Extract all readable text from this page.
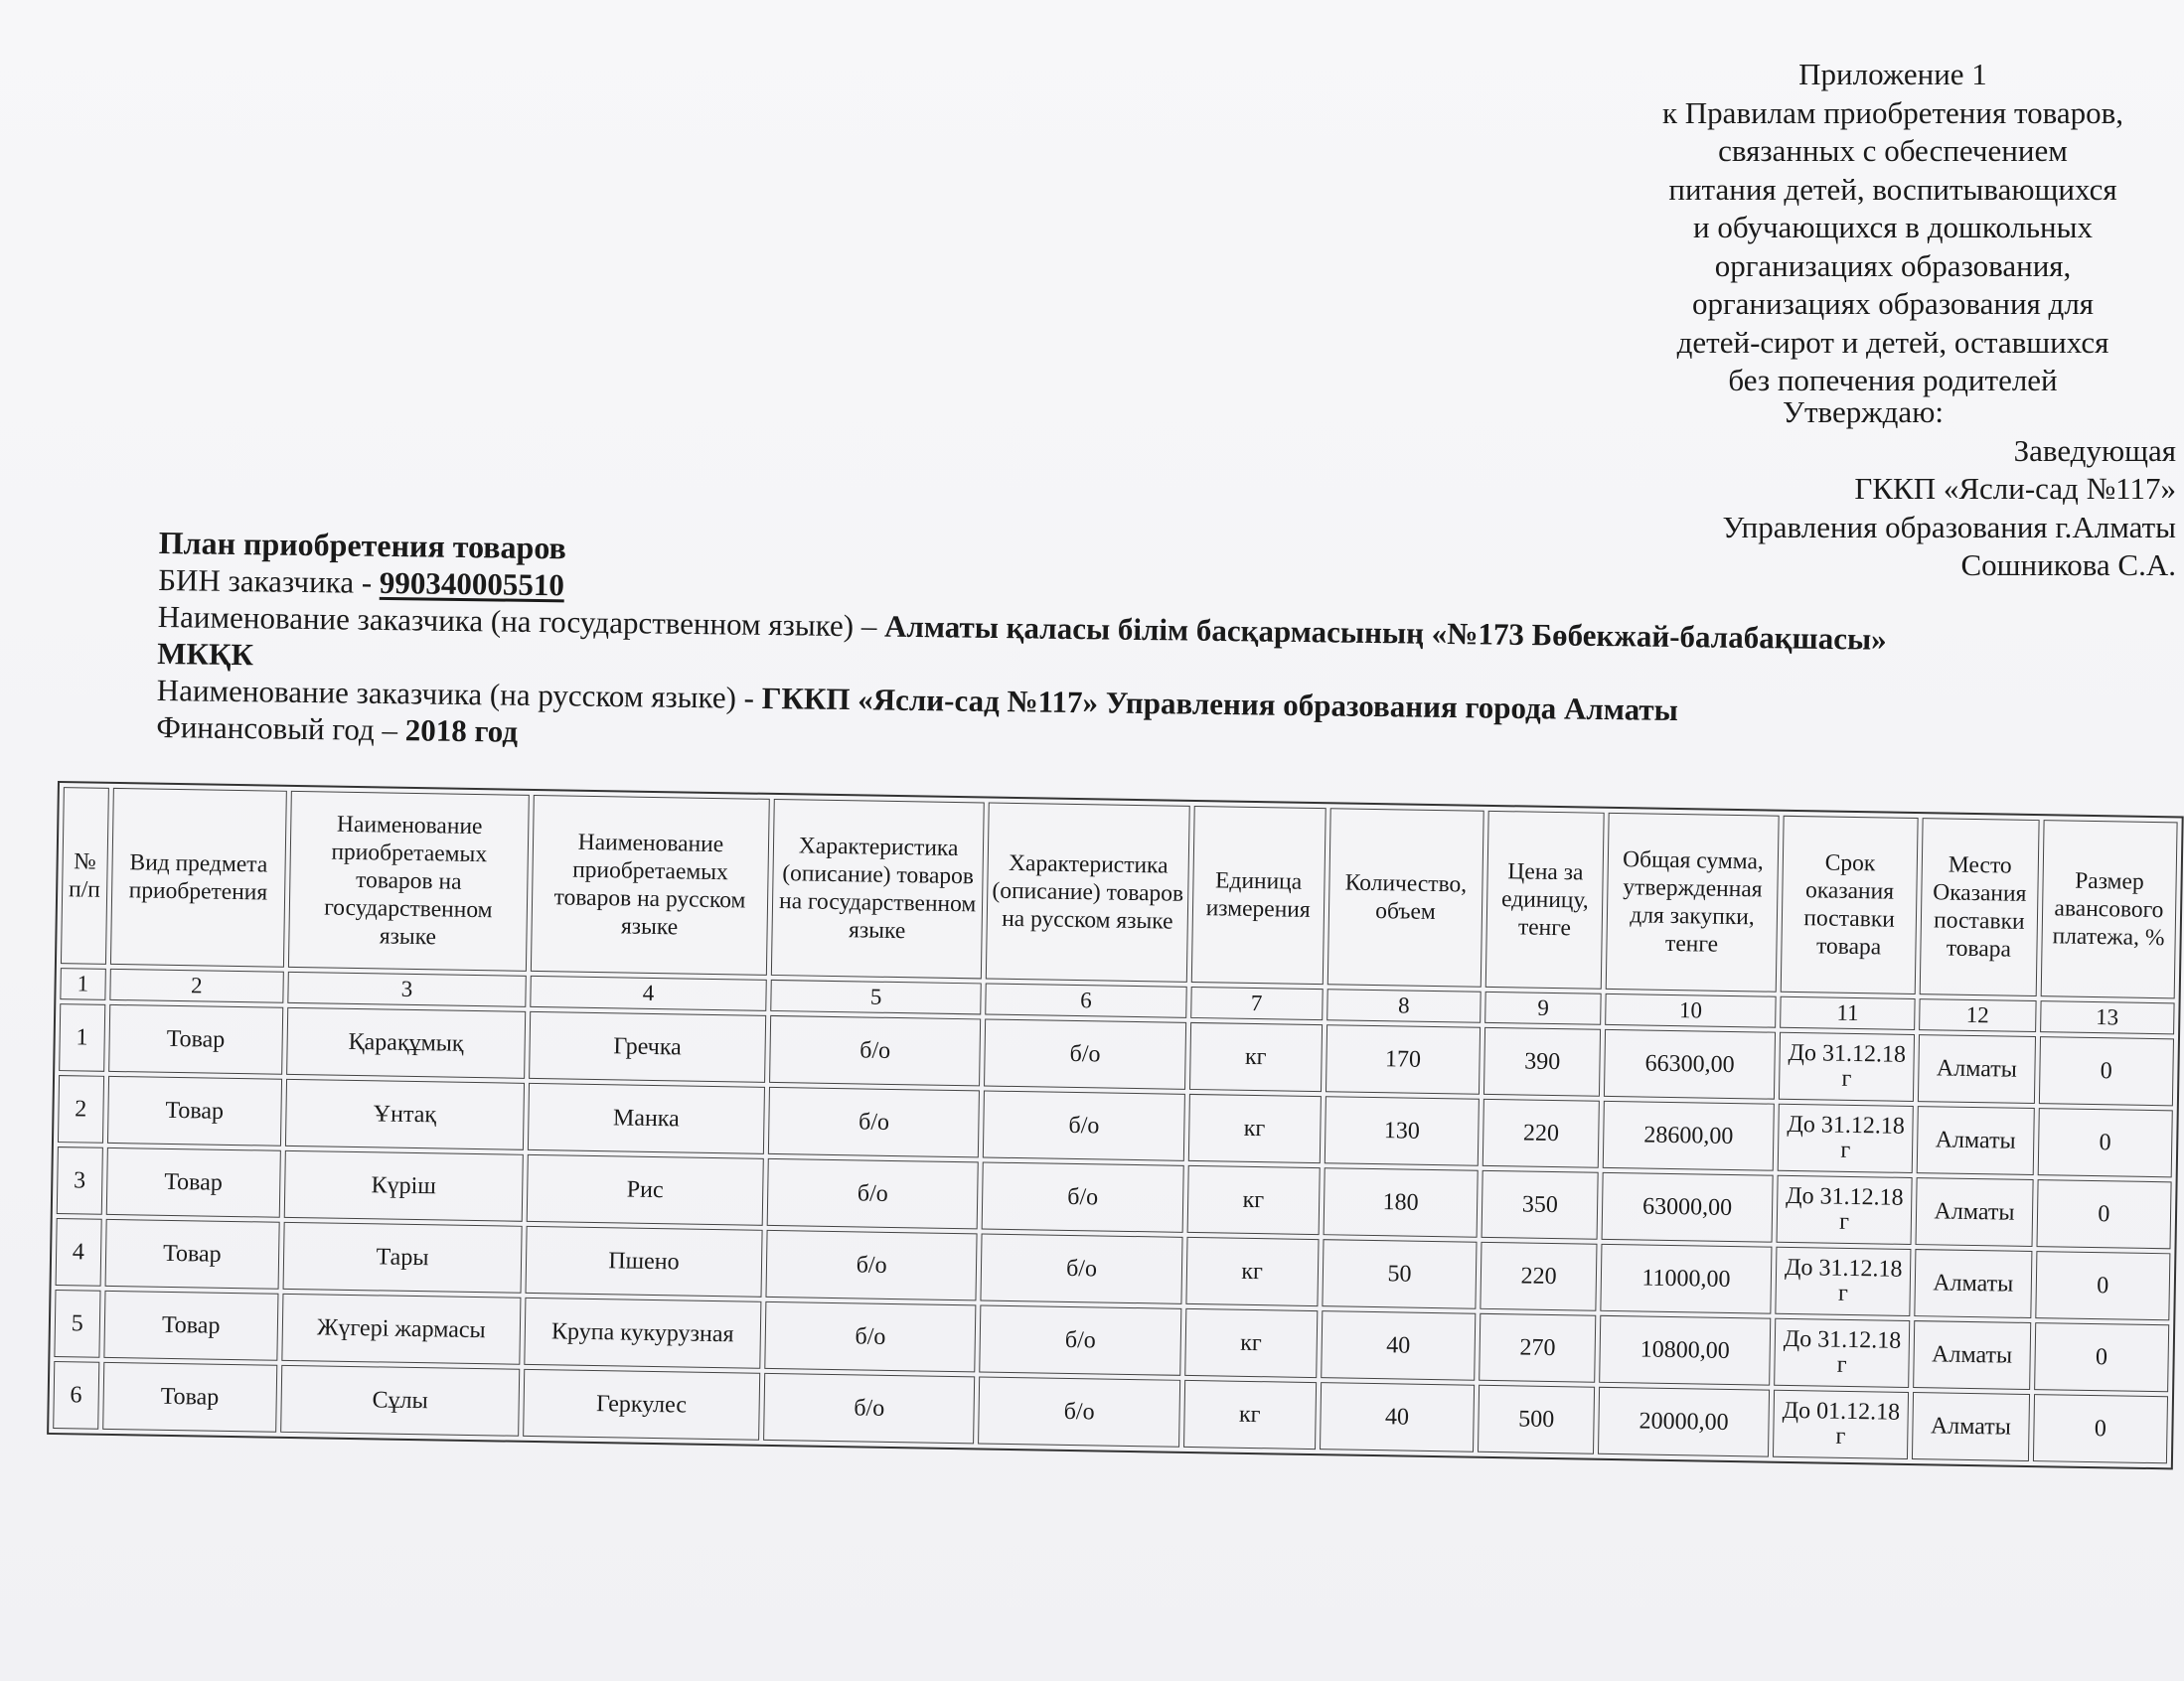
Приложение 1
к Правилам приобретения товаров,
связанных с обеспечением
питания детей, воспитывающихся
и обучающихся в дошкольных
организациях образования,
организациях образования для
детей-сирот и детей, оставшихся
без попечения родителей
Утверждаю:
Заведующая
ГККП «Ясли-сад №117»
Управления образования г.Алматы
Сошникова С.А.
План приобретения товаров
БИН заказчика - 990340005510
Наименование заказчика (на государственном языке) – Алматы қаласы білім басқармасының «№173 Бөбекжай-балабақшасы»
МКҚК
Наименование заказчика (на русском языке) - ГККП «Ясли-сад №117» Управления образования города Алматы
Финансовый год – 2018 год
№ п/п	Вид предмета приобретения	Наименование приобретаемых товаров на государственном языке	Наименование приобретаемых товаров на русском языке	Характеристика (описание) товаров на государственном языке	Характеристика (описание) товаров на русском языке	Единица измерения	Количество, объем	Цена за единицу, тенге	Общая сумма, утвержденная для закупки, тенге	Срок оказания поставки товара	Место Оказания поставки товара	Размер авансового платежа, %
1	2	3	4	5	6	7	8	9	10	11	12	13
1	Товар	Қарақұмық	Гречка	б/о	б/о	кг	170	390	66300,00	До 31.12.18 г	Алматы	0
2	Товар	Ұнтақ	Манка	б/о	б/о	кг	130	220	28600,00	До 31.12.18 г	Алматы	0
3	Товар	Күріш	Рис	б/о	б/о	кг	180	350	63000,00	До 31.12.18 г	Алматы	0
4	Товар	Тары	Пшено	б/о	б/о	кг	50	220	11000,00	До 31.12.18 г	Алматы	0
5	Товар	Жүгері жармасы	Крупа кукурузная	б/о	б/о	кг	40	270	10800,00	До 31.12.18 г	Алматы	0
6	Товар	Сұлы	Геркулес	б/о	б/о	кг	40	500	20000,00	До 01.12.18 г	Алматы	0
